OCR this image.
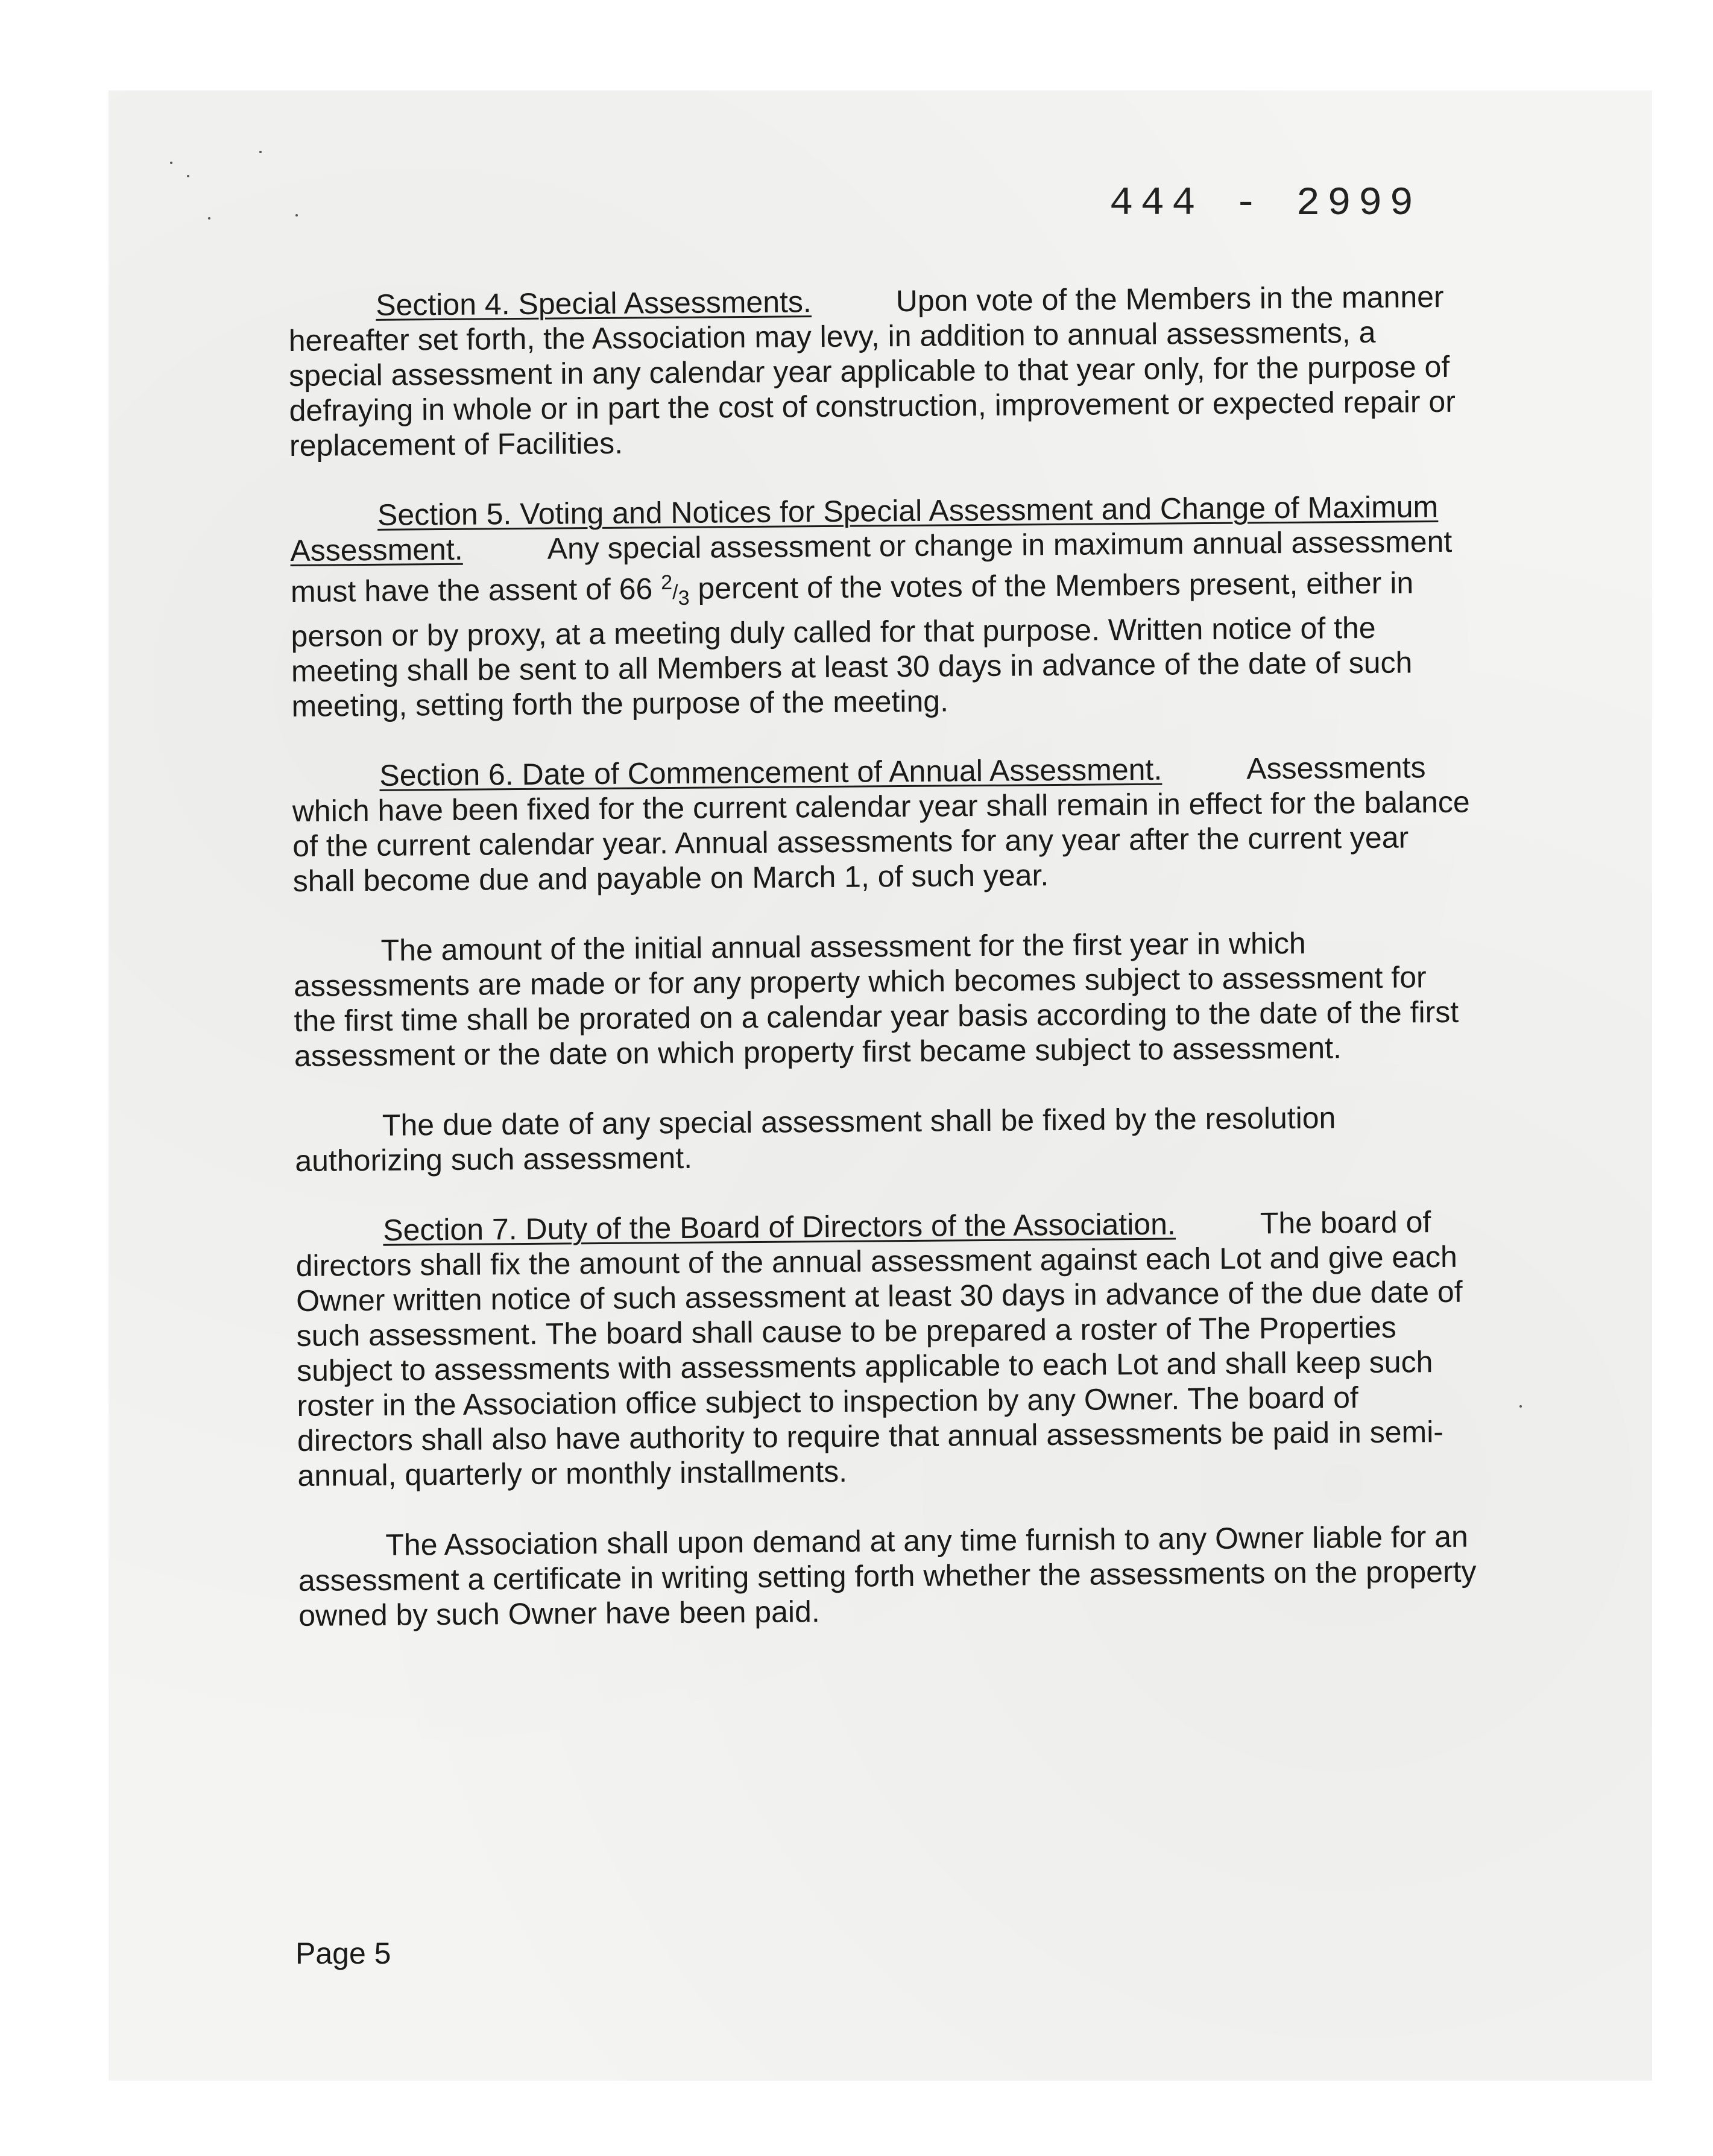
444 - 2999

Section 4. Special Assessments.	Upon vote of the Members in the manner hereafter set forth, the Association may levy, in addition to annual assessments, a special assessment in any calendar year applicable to that year only, for the purpose of defraying in whole or in part the cost of construction, improvement or expected repair or replacement of Facilities.

Section 5. Voting and Notices for Special Assessment and Change of Maximum Assessment.	Any special assessment or change in maximum annual assessment must have the assent of 66 2/3 percent of the votes of the Members present, either in person or by proxy, at a meeting duly called for that purpose. Written notice of the meeting shall be sent to all Members at least 30 days in advance of the date of such meeting, setting forth the purpose of the meeting.

Section 6. Date of Commencement of Annual Assessment.	Assessments which have been fixed for the current calendar year shall remain in effect for the balance of the current calendar year. Annual assessments for any year after the current year shall become due and payable on March 1, of such year.

The amount of the initial annual assessment for the first year in which assessments are made or for any property which becomes subject to assessment for the first time shall be prorated on a calendar year basis according to the date of the first assessment or the date on which property first became subject to assessment.

The due date of any special assessment shall be fixed by the resolution authorizing such assessment.

Section 7. Duty of the Board of Directors of the Association.	The board of directors shall fix the amount of the annual assessment against each Lot and give each Owner written notice of such assessment at least 30 days in advance of the due date of such assessment. The board shall cause to be prepared a roster of The Properties subject to assessments with assessments applicable to each Lot and shall keep such roster in the Association office subject to inspection by any Owner. The board of directors shall also have authority to require that annual assessments be paid in semi-annual, quarterly or monthly installments.

The Association shall upon demand at any time furnish to any Owner liable for an assessment a certificate in writing setting forth whether the assessments on the property owned by such Owner have been paid.

Page 5
